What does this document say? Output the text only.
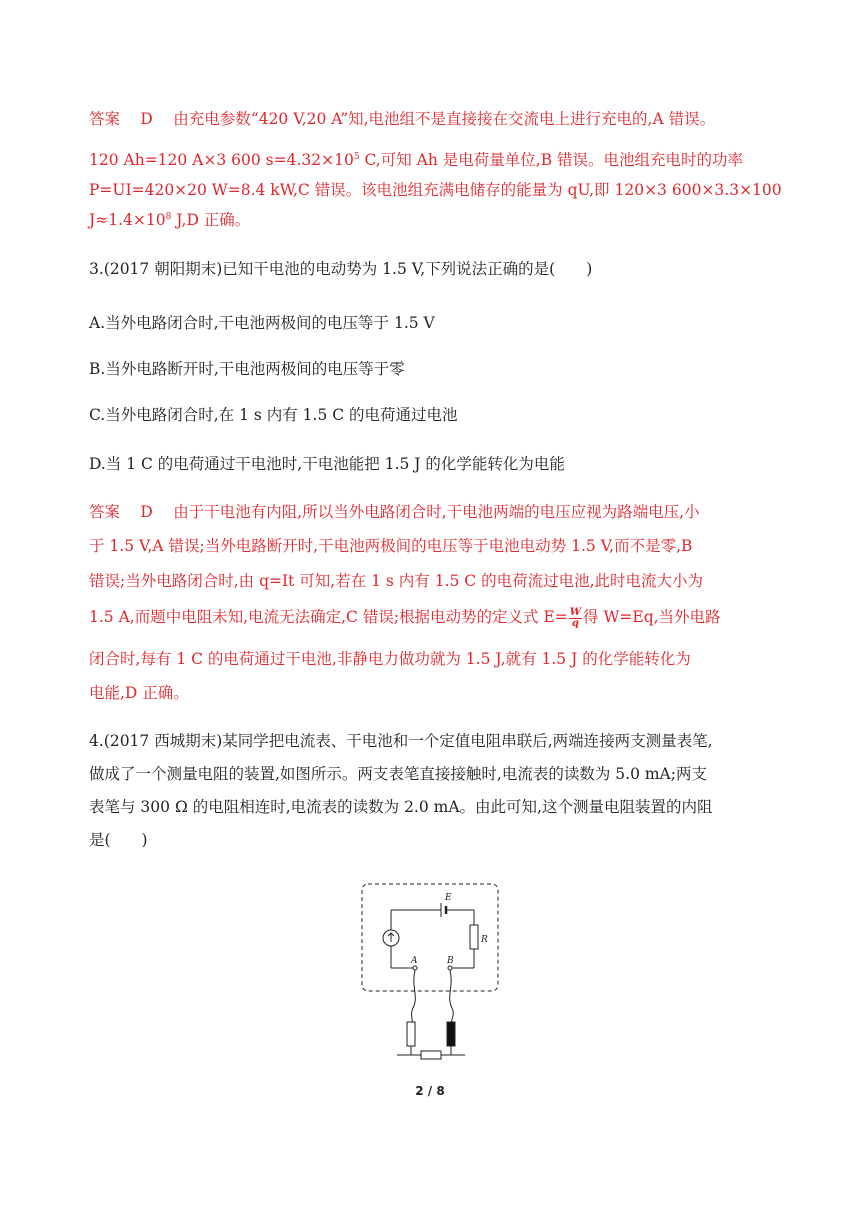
答案　 D　 由充电参数“420 V,20 A”知,电池组不是直接接在交流电上进行充电的,A 错误。
120 Ah=120 A×3 600 $s=4.32\times 10^5$ C,可知 Ah 是电荷量单位,B 错误。电池组充电时的功率
P=UI=420×20 W=8.4 kW,C 错误。该电池组充满电储存的能量为 qU,即 120×3 600×3.3×100
$J\approx 1.4\times 10^8$ J,D 正确。
3.(2017 朝阳期末)已知干电池的电动势为 1.5 V,下列说法正确的是(　　)
A.当外电路闭合时,干电池两极间的电压等于 1.5 V
B.当外电路断开时,干电池两极间的电压等于零
C.当外电路闭合时,在 1 s 内有 1.5 C 的电荷通过电池
D.当 1 C 的电荷通过干电池时,干电池能把 1.5 J 的化学能转化为电能
答案　 D　 由于干电池有内阻,所以当外电路闭合时,干电池两端的电压应视为路端电压,小
于 1.5 V,A 错误;当外电路断开时,干电池两极间的电压等于电池电动势 1.5 V,而不是零,B
错误;当外电路闭合时,由 q=It 可知,若在 1 s 内有 1.5 C 的电荷流过电池,此时电流大小为
1.5 A,而题中电阻未知,电流无法确定,C 错误;根据电动势的定义式 $E= \frac{W}{q}$ 得 W=Eq,当外电路
闭合时,每有 1 C 的电荷通过干电池,非静电力做功就为 1.5 J,就有 1.5 J 的化学能转化为
电能,D 正确。
4.(2017 西城期末)某同学把电流表、干电池和一个定值电阻串联后,两端连接两支测量表笔,
做成了一个测量电阻的装置,如图所示。两支表笔直接接触时,电流表的读数为 5.0 mA;两支
表笔与 300 Ω 的电阻相连时,电流表的读数为 2.0 mA。由此可知,这个测量电阻装置的内阻
是(　　)
E
R
A	B
2 / 8
